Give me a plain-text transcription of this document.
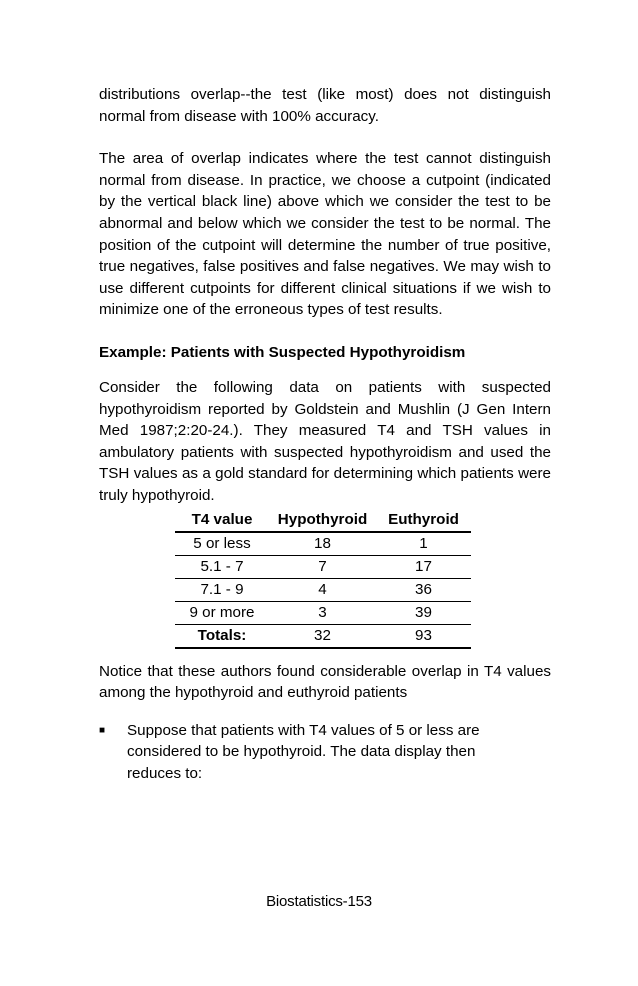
distributions overlap--the test (like most) does not distinguish normal from disease with 100% accuracy.

The area of overlap indicates where the test cannot distinguish normal from disease. In practice, we choose a cutpoint (indicated by the vertical black line) above which we consider the test to be abnormal and below which we consider the test to be normal. The position of the cutpoint will determine the number of true positive, true negatives, false positives and false negatives. We may wish to use different cutpoints for different clinical situations if we wish to minimize one of the erroneous types of test results.

Example: Patients with Suspected Hypothyroidism

Consider the following data on patients with suspected hypothyroidism reported by Goldstein and Mushlin (J Gen Intern Med 1987;2:20-24.). They measured T4 and TSH values in ambulatory patients with suspected hypothyroidism and used the TSH values as a gold standard for determining which patients were truly hypothyroid.

T4 value	Hypothyroid	Euthyroid
5 or less	18	1
5.1 - 7	7	17
7.1 - 9	4	36
9 or more	3	39
Totals:	32	93

Notice that these authors found considerable overlap in T4 values among the hypothyroid and euthyroid patients

■	Suppose that patients with T4 values of 5 or less are considered to be hypothyroid. The data display then reduces to:
Biostatistics-153
